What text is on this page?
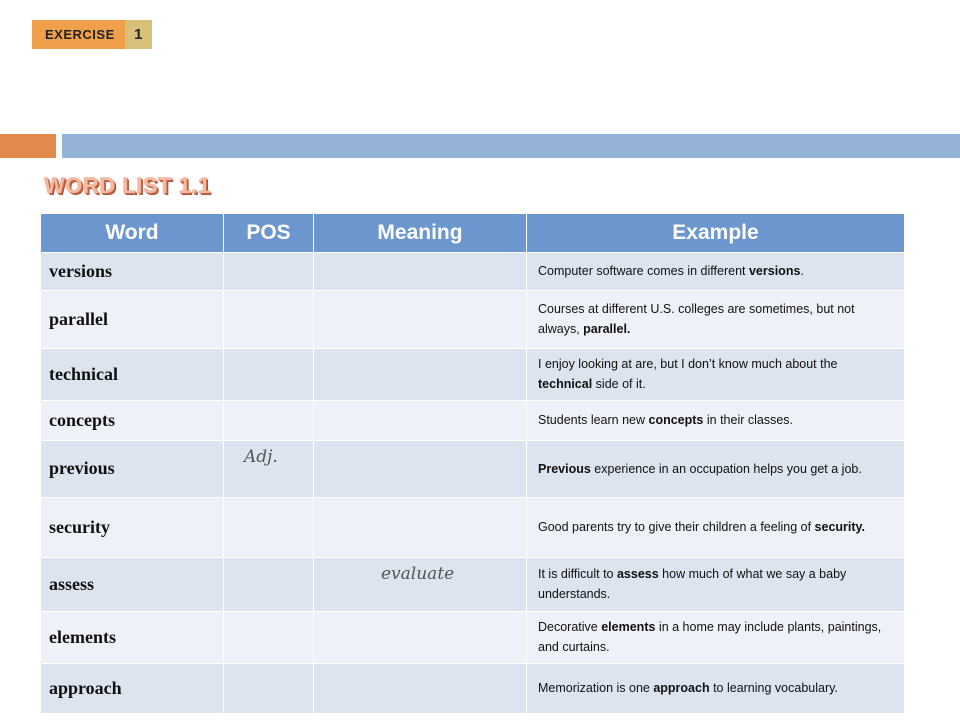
EXERCISE	1
WORD LIST 1.1
Word	POS	Meaning	Example
versions			Computer software comes in different versions.
parallel			Courses at different U.S. colleges are sometimes, but not always, parallel.
technical			I enjoy looking at are, but I don’t know much about the technical side of it.
concepts			Students learn new concepts in their classes.
previous	Adj.		Previous experience in an occupation helps you get a job.
security			Good parents try to give their children a feeling of security.
assess		evaluate	It is difficult to assess how much of what we say a baby understands.
elements			Decorative elements in a home may include plants, paintings, and curtains.
approach			Memorization is one approach to learning vocabulary.
